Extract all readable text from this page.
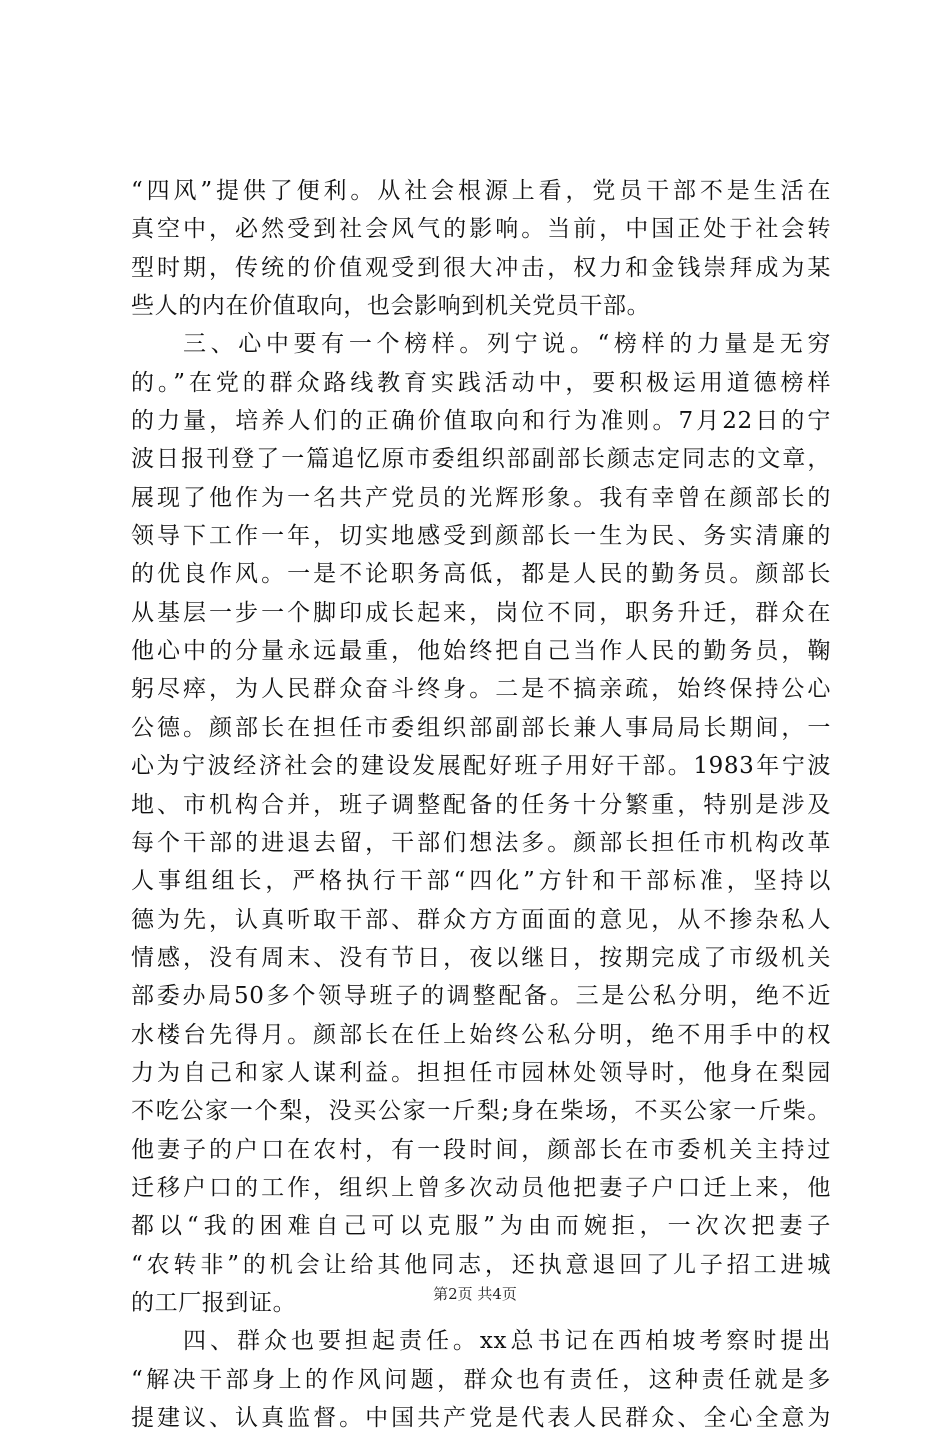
“四风”提供了便利。从社会根源上看，党员干部不是生活在
真空中，必然受到社会风气的影响。当前，中国正处于社会转
型时期，传统的价值观受到很大冲击，权力和金钱崇拜成为某
些人的内在价值取向，也会影响到机关党员干部。
三、心中要有一个榜样。列宁说。“榜样的力量是无穷
的。”在党的群众路线教育实践活动中，要积极运用道德榜样
的力量，培养人们的正确价值取向和行为准则。7月22日的宁
波日报刊登了一篇追忆原市委组织部副部长颜志定同志的文章，
展现了他作为一名共产党员的光辉形象。我有幸曾在颜部长的
领导下工作一年，切实地感受到颜部长一生为民、务实清廉的
的优良作风。一是不论职务高低，都是人民的勤务员。颜部长
从基层一步一个脚印成长起来，岗位不同，职务升迁，群众在
他心中的分量永远最重，他始终把自己当作人民的勤务员，鞠
躬尽瘁，为人民群众奋斗终身。二是不搞亲疏，始终保持公心
公德。颜部长在担任市委组织部副部长兼人事局局长期间，一
心为宁波经济社会的建设发展配好班子用好干部。1983年宁波
地、市机构合并，班子调整配备的任务十分繁重，特别是涉及
每个干部的进退去留，干部们想法多。颜部长担任市机构改革
人事组组长，严格执行干部“四化”方针和干部标准，坚持以
德为先，认真听取干部、群众方方面面的意见，从不掺杂私人
情感，没有周末、没有节日，夜以继日，按期完成了市级机关
部委办局50多个领导班子的调整配备。三是公私分明，绝不近
水楼台先得月。颜部长在任上始终公私分明，绝不用手中的权
力为自己和家人谋利益。担担任市园林处领导时，他身在梨园
不吃公家一个梨，没买公家一斤梨;身在柴场，不买公家一斤柴。
他妻子的户口在农村，有一段时间，颜部长在市委机关主持过
迁移户口的工作，组织上曾多次动员他把妻子户口迁上来，他
都以“我的困难自己可以克服”为由而婉拒，一次次把妻子
“农转非”的机会让给其他同志，还执意退回了儿子招工进城
的工厂报到证。
四、群众也要担起责任。xx总书记在西柏坡考察时提出
“解决干部身上的作风问题，群众也有责任，这种责任就是多
提建议、认真监督。中国共产党是代表人民群众、全心全意为
第2页 共4页
